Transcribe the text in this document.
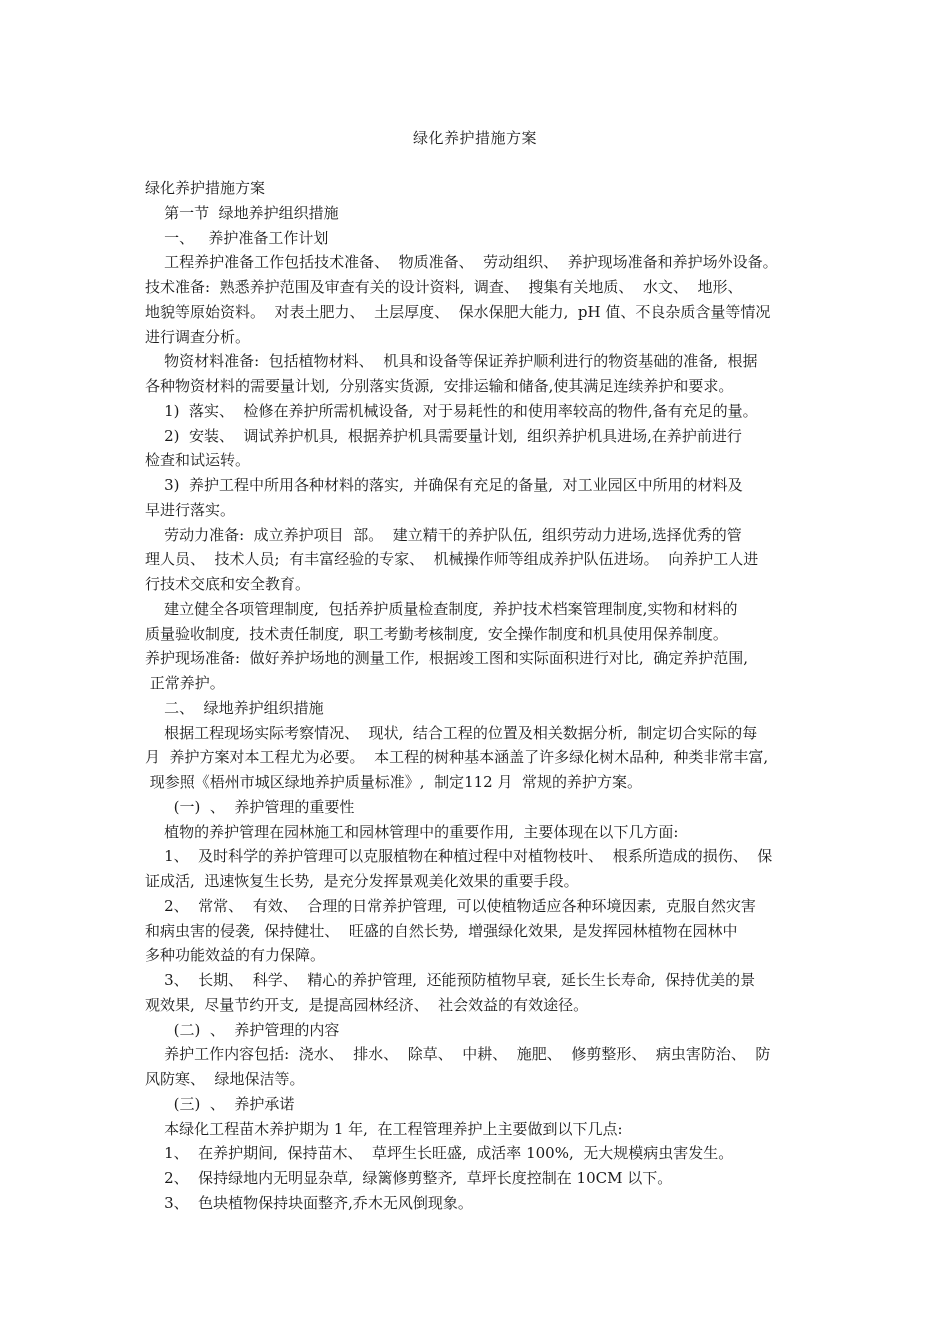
绿化养护措施方案
绿化养护措施方案
第一节  绿地养护组织措施
一、   养护准备工作计划
工程养护准备工作包括技术准备、  物质准备、  劳动组织、  养护现场准备和养护场外设备。
技术准备:  熟悉养护范围及审查有关的设计资料,  调查、  搜集有关地质、  水文、  地形、
地貌等原始资料。  对表土肥力、  土层厚度、  保水保肥大能力,  pH 值、不良杂质含量等情况
进行调查分析。
物资材料准备:  包括植物材料、  机具和设备等保证养护顺利进行的物资基础的准备,  根据
各种物资材料的需要量计划,  分别落实货源,  安排运输和储备,使其满足连续养护和要求。
1)  落实、  检修在养护所需机械设备,  对于易耗性的和使用率较高的物件,备有充足的量。
2)  安装、  调试养护机具,  根据养护机具需要量计划,  组织养护机具进场,在养护前进行
检查和试运转。
3)  养护工程中所用各种材料的落实,  并确保有充足的备量,  对工业园区中所用的材料及
早进行落实。
劳动力准备:  成立养护项目  部。  建立精干的养护队伍,  组织劳动力进场,选择优秀的管
理人员、  技术人员;  有丰富经验的专家、  机械操作师等组成养护队伍进场。  向养护工人进
行技术交底和安全教育。
建立健全各项管理制度,  包括养护质量检查制度,  养护技术档案管理制度,实物和材料的
质量验收制度,  技术责任制度,  职工考勤考核制度,  安全操作制度和机具使用保养制度。
养护现场准备:  做好养护场地的测量工作,  根据竣工图和实际面积进行对比,  确定养护范围,
正常养护。
二、  绿地养护组织措施
根据工程现场实际考察情况、  现状,  结合工程的位置及相关数据分析,  制定切合实际的每
月  养护方案对本工程尤为必要。  本工程的树种基本涵盖了许多绿化树木品种,  种类非常丰富,
现参照《梧州市城区绿地养护质量标准》,  制定112 月  常规的养护方案。
(一)  、  养护管理的重要性
植物的养护管理在园林施工和园林管理中的重要作用,  主要体现在以下几方面:
1、  及时科学的养护管理可以克服植物在种植过程中对植物枝叶、  根系所造成的损伤、  保
证成活,  迅速恢复生长势,  是充分发挥景观美化效果的重要手段。
2、  常常、  有效、  合理的日常养护管理,  可以使植物适应各种环境因素,  克服自然灾害
和病虫害的侵袭,  保持健壮、  旺盛的自然长势,  增强绿化效果,  是发挥园林植物在园林中
多种功能效益的有力保障。
3、  长期、  科学、  精心的养护管理,  还能预防植物早衰,  延长生长寿命,  保持优美的景
观效果,  尽量节约开支,  是提高园林经济、  社会效益的有效途径。
(二)  、  养护管理的内容
养护工作内容包括:  浇水、  排水、  除草、  中耕、  施肥、  修剪整形、  病虫害防治、  防
风防寒、  绿地保洁等。
(三)  、  养护承诺
本绿化工程苗木养护期为 1 年,  在工程管理养护上主要做到以下几点:
1、  在养护期间,  保持苗木、  草坪生长旺盛,  成活率 100%,  无大规模病虫害发生。
2、  保持绿地内无明显杂草,  绿篱修剪整齐,  草坪长度控制在 10CM 以下。
3、  色块植物保持块面整齐,乔木无风倒现象。
